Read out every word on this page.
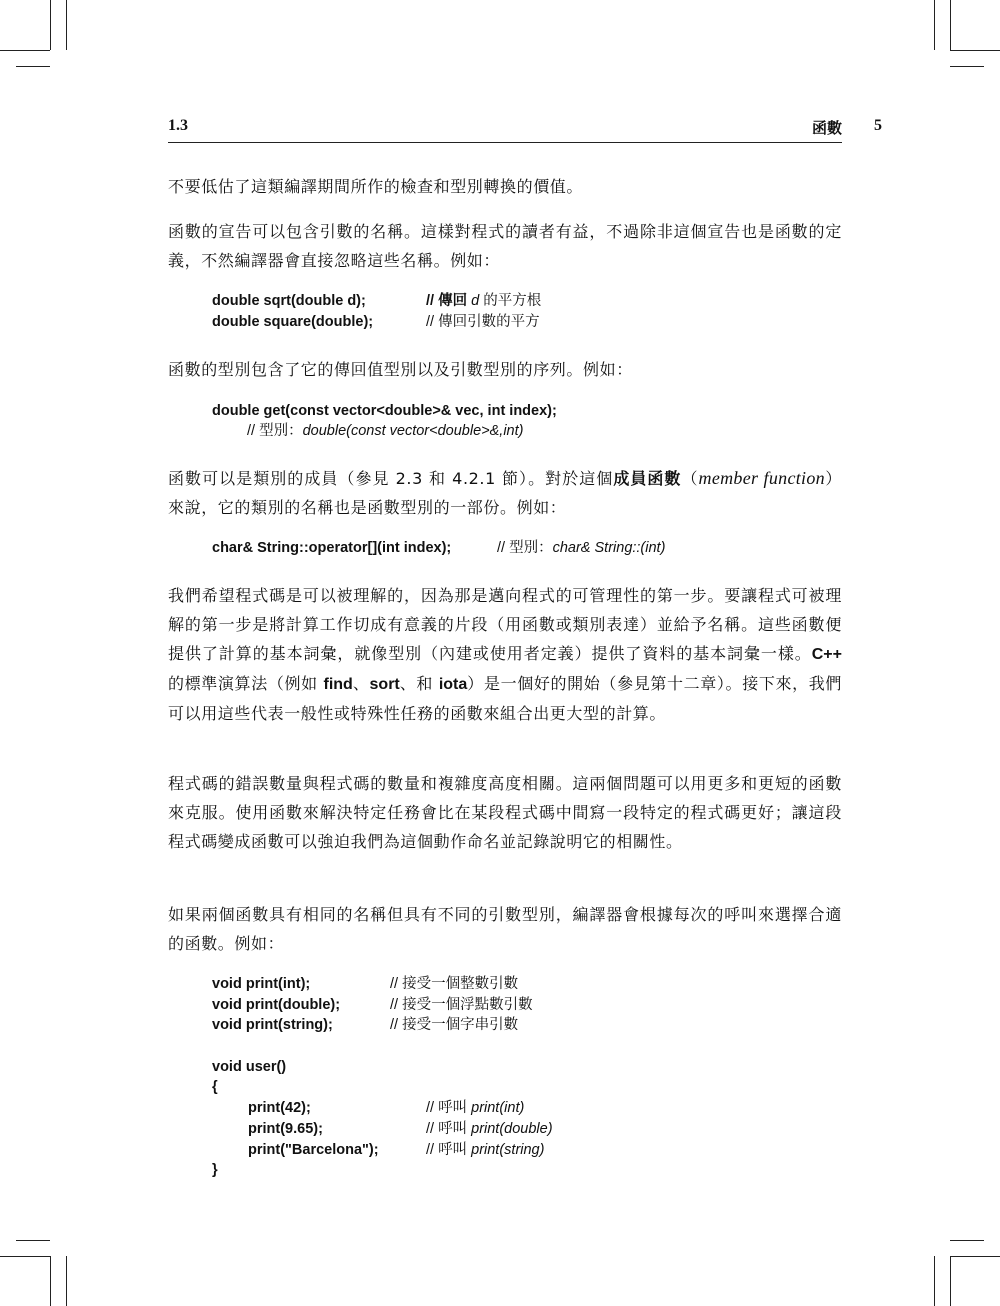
1.3	函數 5

不要低估了這類編譯期間所作的檢查和型別轉換的價值。

函數的宣告可以包含引數的名稱。這樣對程式的讀者有益，不過除非這個宣告也是函數的定義，不然編譯器會直接忽略這些名稱。例如：

double sqrt(double d);	// 傳回 d 的平方根
double square(double);	// 傳回引數的平方

函數的型別包含了它的傳回值型別以及引數型別的序列。例如：

double get(const vector<double>& vec, int index);
// 型別：double(const vector<double>&,int)

函數可以是類別的成員（參見 2.3 和 4.2.1 節）。對於這個成員函數（member function）來說，它的類別的名稱也是函數型別的一部份。例如：

char& String::operator[](int index);	// 型別：char& String::(int)

我們希望程式碼是可以被理解的，因為那是邁向程式的可管理性的第一步。要讓程式可被理解的第一步是將計算工作切成有意義的片段（用函數或類別表達）並給予名稱。這些函數便提供了計算的基本詞彙，就像型別（內建或使用者定義）提供了資料的基本詞彙一樣。C++ 的標準演算法（例如 find、sort、和 iota）是一個好的開始（參見第十二章）。接下來，我們可以用這些代表一般性或特殊性任務的函數來組合出更大型的計算。

程式碼的錯誤數量與程式碼的數量和複雜度高度相關。這兩個問題可以用更多和更短的函數來克服。使用函數來解決特定任務會比在某段程式碼中間寫一段特定的程式碼更好；讓這段程式碼變成函數可以強迫我們為這個動作命名並記錄說明它的相關性。

如果兩個函數具有相同的名稱但具有不同的引數型別，編譯器會根據每次的呼叫來選擇合適的函數。例如：

void print(int);	// 接受一個整數引數
void print(double);	// 接受一個浮點數引數
void print(string);	// 接受一個字串引數
void user()
{
print(42);	// 呼叫 print(int)
print(9.65);	// 呼叫 print(double)
print("Barcelona");	// 呼叫 print(string)
}
